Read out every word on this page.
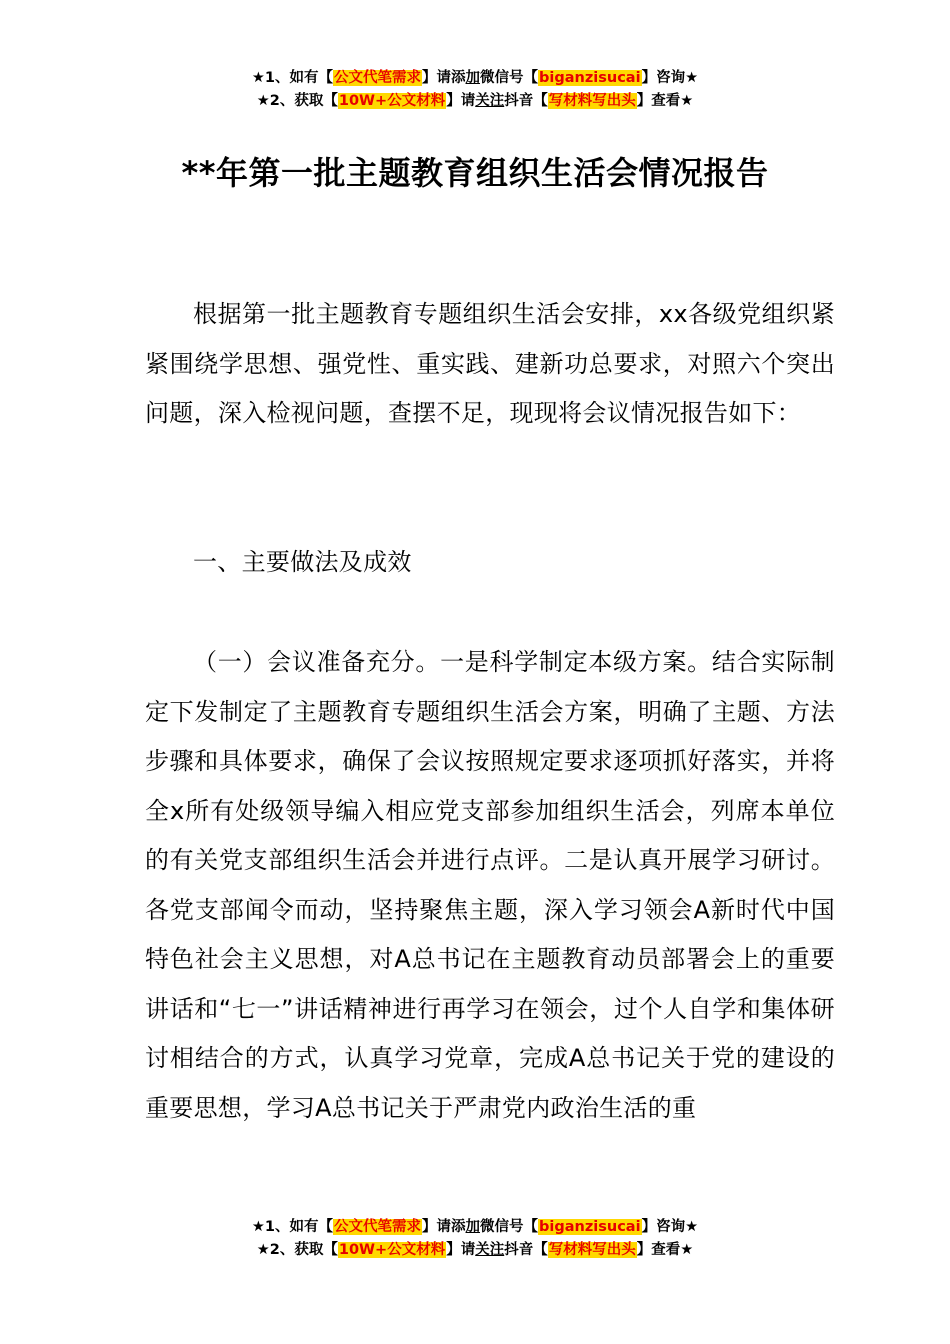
★1、如有【公文代笔需求】请添加微信号【biganzisucai】咨询★
★2、获取【10W+公文材料】请关注抖音【写材料写出头】查看★
**年第一批主题教育组织生活会情况报告

根据第一批主题教育专题组织生活会安排，xx各级党组织紧紧围绕学思想、强党性、重实践、建新功总要求，对照六个突出问题，深入检视问题，查摆不足，现现将会议情况报告如下：

一、主要做法及成效

（一）会议准备充分。一是科学制定本级方案。结合实际制定下发制定了主题教育专题组织生活会方案，明确了主题、方法步骤和具体要求，确保了会议按照规定要求逐项抓好落实，并将全x所有处级领导编入相应党支部参加组织生活会，列席本单位的有关党支部组织生活会并进行点评。二是认真开展学习研讨。各党支部闻令而动，坚持聚焦主题，深入学习领会A新时代中国特色社会主义思想，对A总书记在主题教育动员部署会上的重要讲话和“七一”讲话精神进行再学习在领会，过个人自学和集体研讨相结合的方式，认真学习党章，完成A总书记关于党的建设的重要思想，学习A总书记关于严肃党内政治生活的重

★1、如有【公文代笔需求】请添加微信号【biganzisucai】咨询★
★2、获取【10W+公文材料】请关注抖音【写材料写出头】查看★
